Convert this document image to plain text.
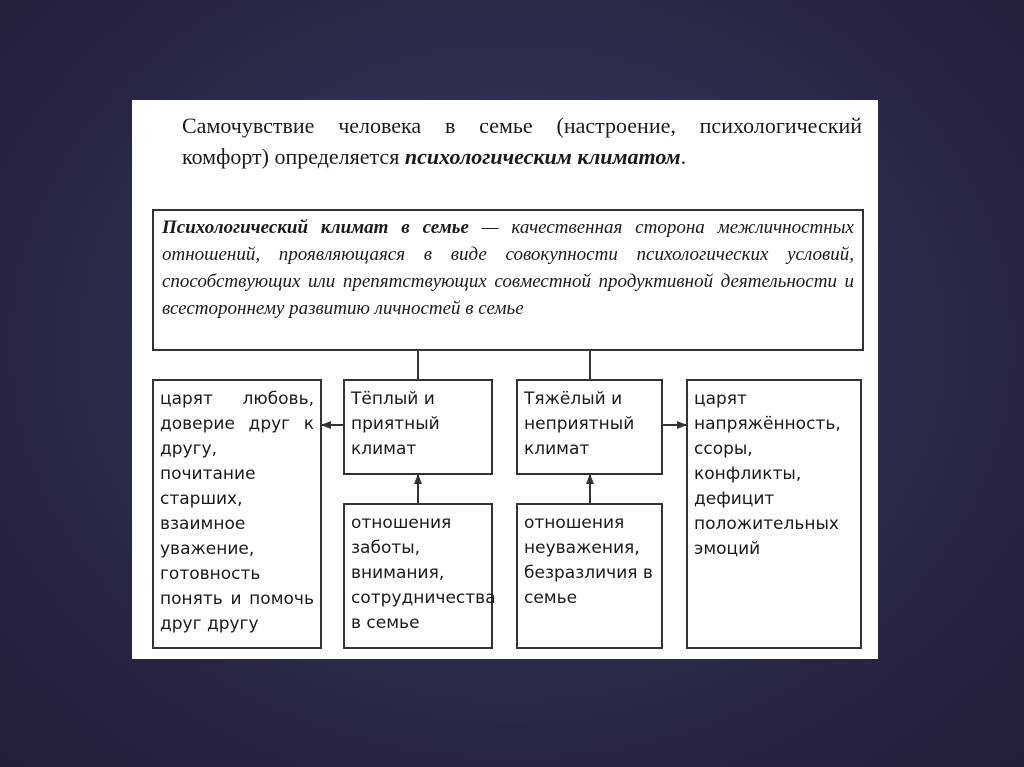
Самочувствие человека в семье (настроение, психологический комфорт) определяется психологическим климатом.

Психологический климат в семье — качественная сторона межличностных отношений, проявляющаяся в виде совокупности психологических условий, способствующих или препятствующих совместной продуктивной деятельности и всестороннему развитию личностей в семье
царят любовь, доверие друг к другу, почитание старших, взаимное уважение, готовность понять и помочь друг другу
Тёплый и приятный климат
отношения заботы, внимания, сотрудничества в семье
Тяжёлый и неприятный климат
отношения неуважения, безразличия в семье
царят напряжённость, ссоры, конфликты, дефицит положительных эмоций
